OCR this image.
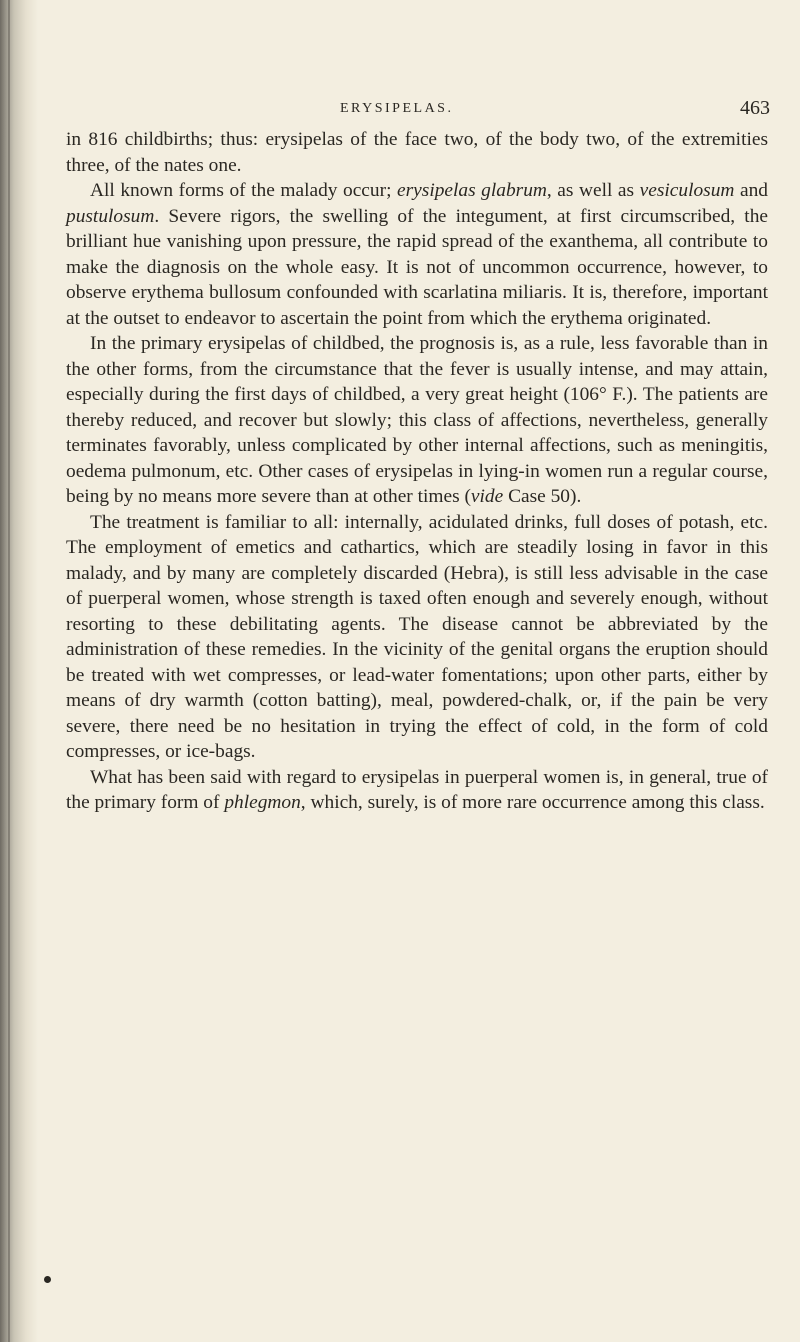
ERYSIPELAS.	463

in 816 childbirths; thus: erysipelas of the face two, of the body two, of the extremities three, of the nates one.

All known forms of the malady occur; erysipelas glabrum, as well as vesiculosum and pustulosum. Severe rigors, the swelling of the integument, at first circumscribed, the brilliant hue vanishing upon pressure, the rapid spread of the exanthema, all contribute to make the diagnosis on the whole easy. It is not of uncommon occurrence, however, to observe erythema bullosum confounded with scarlatina miliaris. It is, therefore, important at the outset to endeavor to ascertain the point from which the erythema originated.

In the primary erysipelas of childbed, the prognosis is, as a rule, less favorable than in the other forms, from the circumstance that the fever is usually intense, and may attain, especially during the first days of childbed, a very great height (106° F.). The patients are thereby reduced, and recover but slowly; this class of affections, nevertheless, generally terminates favorably, unless complicated by other internal affections, such as meningitis, oedema pulmonum, etc. Other cases of erysipelas in lying-in women run a regular course, being by no means more severe than at other times (vide Case 50).

The treatment is familiar to all: internally, acidulated drinks, full doses of potash, etc. The employment of emetics and cathartics, which are steadily losing in favor in this malady, and by many are completely discarded (Hebra), is still less advisable in the case of puerperal women, whose strength is taxed often enough and severely enough, without resorting to these debilitating agents. The disease cannot be abbreviated by the administration of these remedies. In the vicinity of the genital organs the eruption should be treated with wet compresses, or lead-water fomentations; upon other parts, either by means of dry warmth (cotton batting), meal, powdered-chalk, or, if the pain be very severe, there need be no hesitation in trying the effect of cold, in the form of cold compresses, or ice-bags.

What has been said with regard to erysipelas in puerperal women is, in general, true of the primary form of phlegmon, which, surely, is of more rare occurrence among this class.
